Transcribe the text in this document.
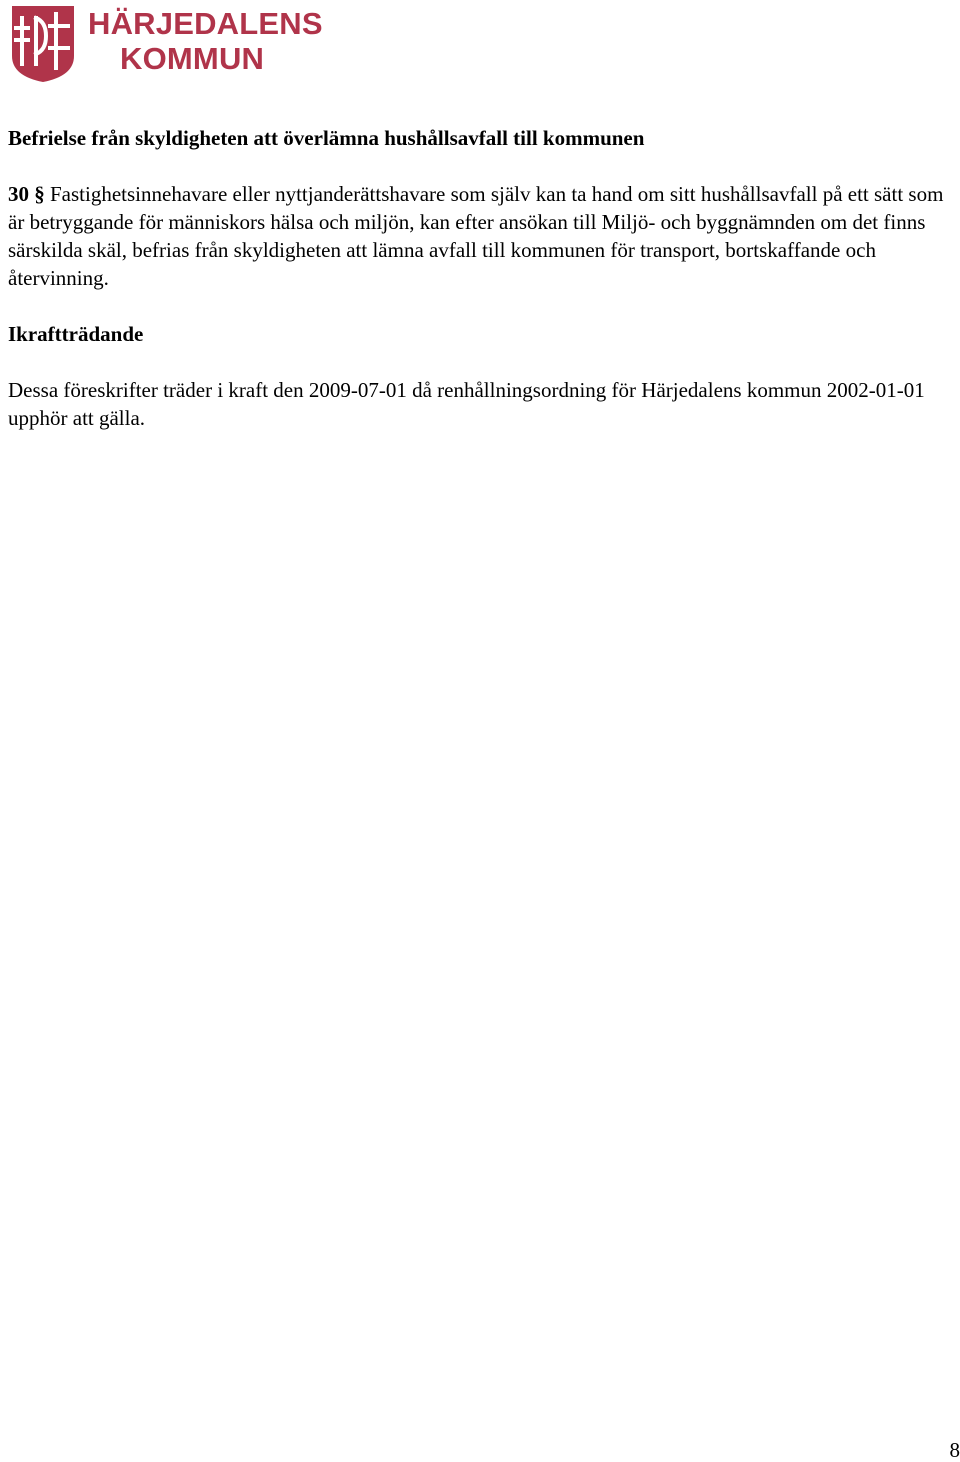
HÄRJEDALENS
KOMMUN
Befrielse från skyldigheten att överlämna hushållsavfall till kommunen

30 § Fastighetsinnehavare eller nyttjanderättshavare som själv kan ta hand om sitt hushållsavfall på ett sätt som är betryggande för människors hälsa och miljön, kan efter ansökan till Miljö- och byggnämnden om det finns särskilda skäl, befrias från skyldigheten att lämna avfall till kommunen för transport, bortskaffande och återvinning.

Ikraftträdande

Dessa föreskrifter träder i kraft den 2009-07-01 då renhållningsordning för Härjedalens kommun 2002-01-01 upphör att gälla.

8
